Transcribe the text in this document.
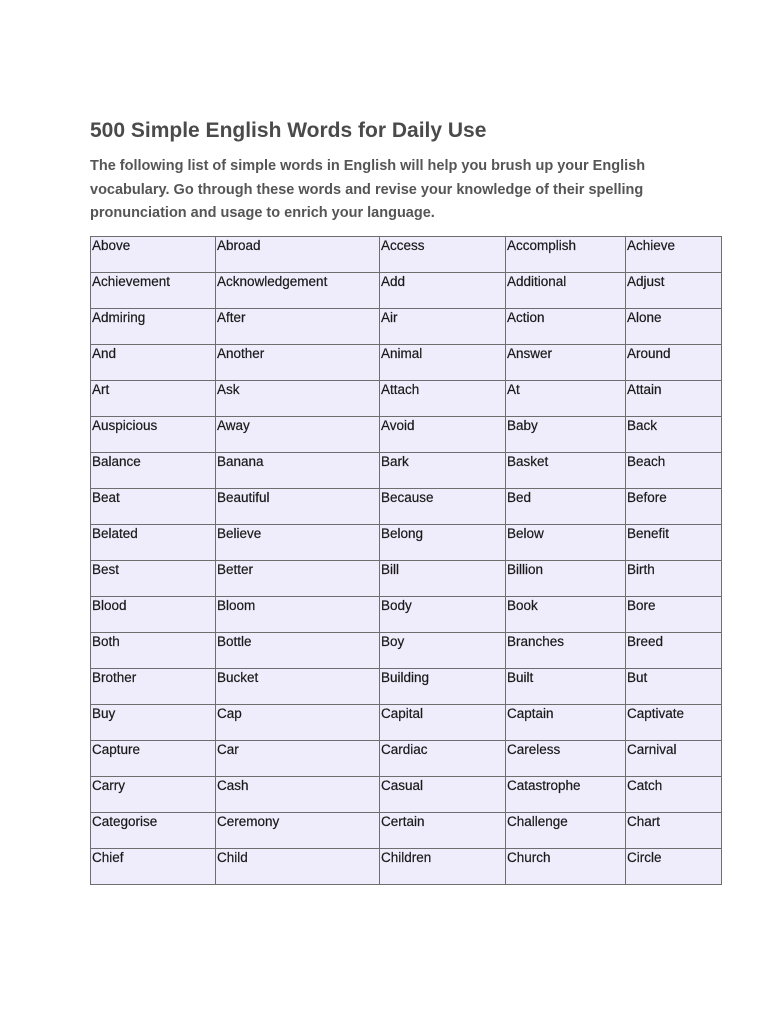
500 Simple English Words for Daily Use

The following list of simple words in English will help you brush up your English vocabulary. Go through these words and revise your knowledge of their spelling pronunciation and usage to enrich your language.

Above	Abroad	Access	Accomplish	Achieve

Achievement	Acknowledgement	Add	Additional	Adjust

Admiring	After	Air	Action	Alone

And	Another	Animal	Answer	Around

Art	Ask	Attach	At	Attain

Auspicious	Away	Avoid	Baby	Back

Balance	Banana	Bark	Basket	Beach

Beat	Beautiful	Because	Bed	Before

Belated	Believe	Belong	Below	Benefit

Best	Better	Bill	Billion	Birth

Blood	Bloom	Body	Book	Bore

Both	Bottle	Boy	Branches	Breed

Brother	Bucket	Building	Built	But

Buy	Cap	Capital	Captain	Captivate

Capture	Car	Cardiac	Careless	Carnival

Carry	Cash	Casual	Catastrophe	Catch

Categorise	Ceremony	Certain	Challenge	Chart

Chief	Child	Children	Church	Circle
